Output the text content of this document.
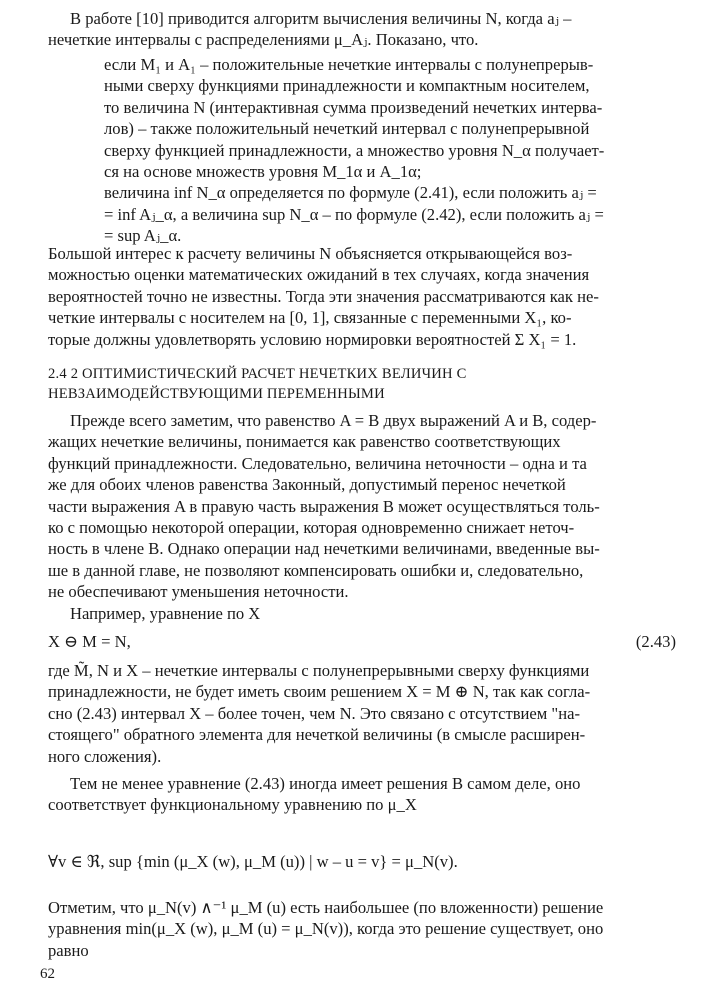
В работе [10] приводится алгоритм вычисления величины N, когда aⱼ –
нечеткие интервалы с распределениями μ_Aⱼ. Показано, что.

если M₁ и A₁ – положительные нечеткие интервалы с полунепрерыв-
ными сверху функциями принадлежности и компактным носителем,
то величина N (интерактивная сумма произведений нечетких интерва-
лов) – также положительный нечеткий интервал с полунепрерывной
сверху функцией принадлежности, а множество уровня N_α получает-
ся на основе множеств уровня M_1α и A_1α;
величина inf N_α определяется по формуле (2.41), если положить aⱼ =
= inf Aⱼ_α, а величина sup N_α – по формуле (2.42), если положить aⱼ =
= sup Aⱼ_α.

Большой интерес к расчету величины N объясняется открывающейся воз-
можностью оценки математических ожиданий в тех случаях, когда значения
вероятностей точно не известны. Тогда эти значения рассматриваются как не-
четкие интервалы с носителем на [0, 1], связанные с переменными X₁, ко-
торые должны удовлетворять условию нормировки вероятностей Σ X₁ = 1.

2.4 2 ОПТИМИСТИЧЕСКИЙ РАСЧЕТ НЕЧЕТКИХ ВЕЛИЧИН С
НЕВЗАИМОДЕЙСТВУЮЩИМИ ПЕРЕМЕННЫМИ

Прежде всего заметим, что равенство A = B двух выражений A и B, содер-
жащих нечеткие величины, понимается как равенство соответствующих
функций принадлежности. Следовательно, величина неточности – одна и та
же для обоих членов равенства Законный, допустимый перенос нечеткой
части выражения A в правую часть выражения B может осуществляться толь-
ко с помощью некоторой операции, которая одновременно снижает неточ-
ность в члене B. Однако операции над нечеткими величинами, введенные вы-
ше в данной главе, не позволяют компенсировать ошибки и, следовательно,
не обеспечивают уменьшения неточности.

Например, уравнение по X

X ⊖ M = N,	(2.43)

где M̃, N и X – нечеткие интервалы с полунепрерывными сверху функциями
принадлежности, не будет иметь своим решением X = M ⊕ N, так как согла-
сно (2.43) интервал X – более точен, чем N. Это связано с отсутствием "на-
стоящего" обратного элемента для нечеткой величины (в смысле расширен-
ного сложения).

Тем не менее уравнение (2.43) иногда имеет решения В самом деле, оно
соответствует функциональному уравнению по μ_X

∀v ∈ ℜ, sup {min (μ_X (w), μ_M (u)) | w – u = v} = μ_N(v).

Отметим, что μ_N(v) ∧⁻¹ μ_M (u) есть наибольшее (по вложенности) решение
уравнения min(μ_X (w), μ_M (u) = μ_N(v)), когда это решение существует, оно
равно

62
